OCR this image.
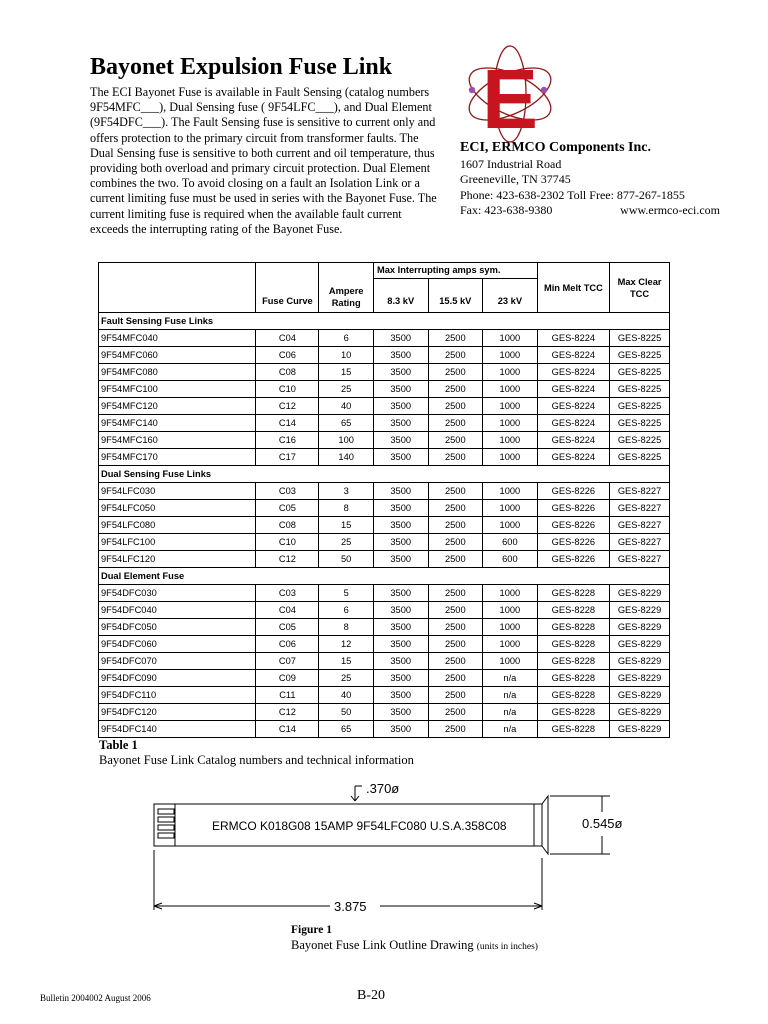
Bayonet Expulsion Fuse Link

The ECI Bayonet Fuse is available in Fault Sensing (catalog numbers 9F54MFC___), Dual Sensing fuse ( 9F54LFC___), and Dual Element (9F54DFC___). The Fault Sensing fuse is sensitive to current only and offers protection to the primary circuit from transformer faults. The Dual Sensing fuse is sensitive to both current and oil temperature, thus providing both overload and primary circuit protection. Dual Element combines the two. To avoid closing on a fault an Isolation Link or a current limiting fuse must be used in series with the Bayonet Fuse. The current limiting fuse is required when the available fault current exceeds the interrupting rating of the Bayonet Fuse.

E
ECI, ERMCO Components Inc.
1607 Industrial Road
Greeneville, TN 37745
Phone: 423-638-2302 Toll Free: 877-267-1855
Fax: 423-638-9380	www.ermco-eci.com
	Fuse Curve	Ampere Rating	Max Interrupting amps sym.			Min Melt TCC	Max Clear TCC
			8.3 kV	15.5 kV	23 kV		
Fault Sensing Fuse Links							
9F54MFC040	C04	6	3500	2500	1000	GES-8224	GES-8225
9F54MFC060	C06	10	3500	2500	1000	GES-8224	GES-8225
9F54MFC080	C08	15	3500	2500	1000	GES-8224	GES-8225
9F54MFC100	C10	25	3500	2500	1000	GES-8224	GES-8225
9F54MFC120	C12	40	3500	2500	1000	GES-8224	GES-8225
9F54MFC140	C14	65	3500	2500	1000	GES-8224	GES-8225
9F54MFC160	C16	100	3500	2500	1000	GES-8224	GES-8225
9F54MFC170	C17	140	3500	2500	1000	GES-8224	GES-8225
Dual Sensing Fuse Links							
9F54LFC030	C03	3	3500	2500	1000	GES-8226	GES-8227
9F54LFC050	C05	8	3500	2500	1000	GES-8226	GES-8227
9F54LFC080	C08	15	3500	2500	1000	GES-8226	GES-8227
9F54LFC100	C10	25	3500	2500	600	GES-8226	GES-8227
9F54LFC120	C12	50	3500	2500	600	GES-8226	GES-8227
Dual Element Fuse							
9F54DFC030	C03	5	3500	2500	1000	GES-8228	GES-8229
9F54DFC040	C04	6	3500	2500	1000	GES-8228	GES-8229
9F54DFC050	C05	8	3500	2500	1000	GES-8228	GES-8229
9F54DFC060	C06	12	3500	2500	1000	GES-8228	GES-8229
9F54DFC070	C07	15	3500	2500	1000	GES-8228	GES-8229
9F54DFC090	C09	25	3500	2500	n/a	GES-8228	GES-8229
9F54DFC110	C11	40	3500	2500	n/a	GES-8228	GES-8229
9F54DFC120	C12	50	3500	2500	n/a	GES-8228	GES-8229
9F54DFC140	C14	65	3500	2500	n/a	GES-8228	GES-8229
Table 1
Bayonet Fuse Link Catalog numbers and technical information
ERMCO K018G08 15AMP 9F54LFC080 U.S.A.358C08
.370ø
0.545ø
3.875
Figure 1
Bayonet Fuse Link Outline Drawing (units in inches)
Bulletin 2004002 August 2006	B-20
